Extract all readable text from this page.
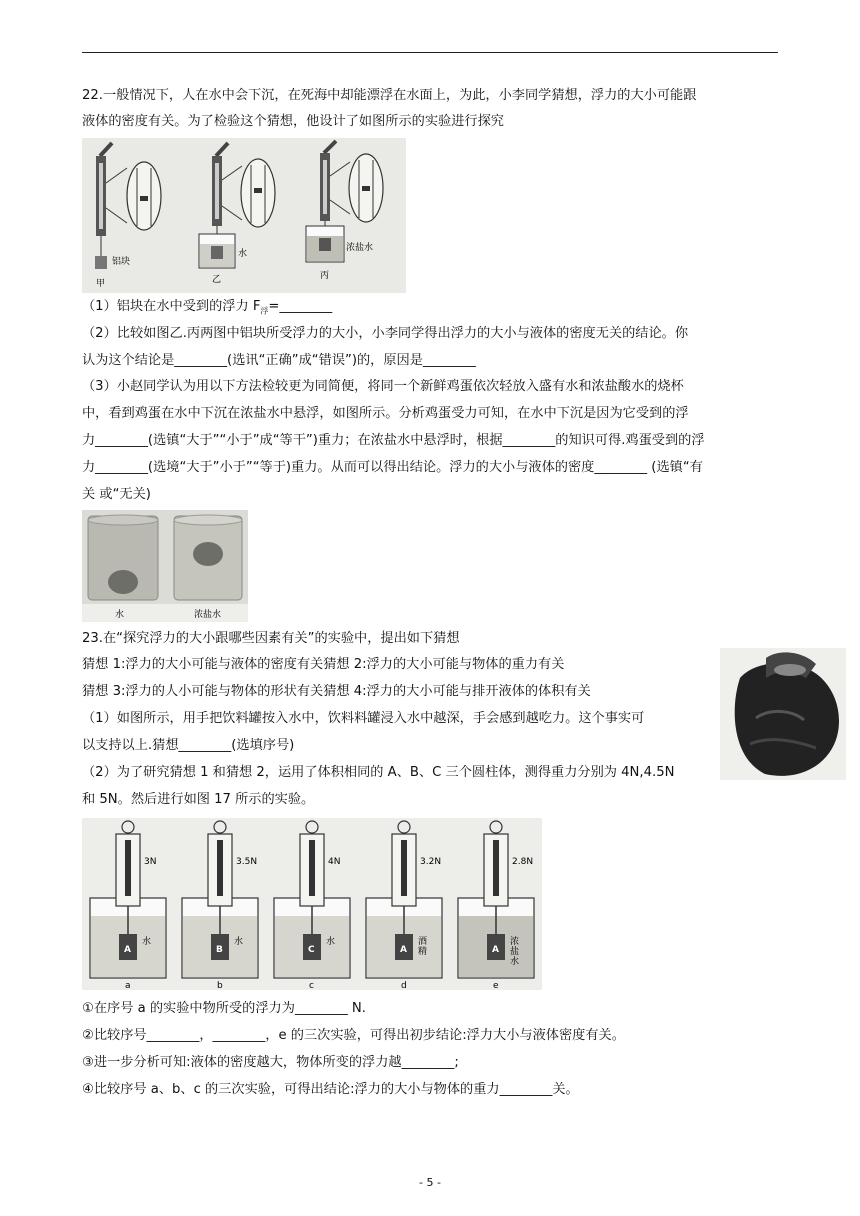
22.一般情况下，人在水中会下沉，在死海中却能漂浮在水面上，为此，小李同学猜想，浮力的大小可能跟
液体的密度有关。为了检验这个猜想，他设计了如图所示的实验进行探究
铝块
水
浓盐水
甲	乙	丙
（1）铝块在水中受到的浮力 $F_浮=\_\_\_\_\_\_\_\_$
（2）比较如图乙.丙两图中铝块所受浮力的大小，小李同学得出浮力的大小与液体的密度无关的结论。你
认为这个结论是________(选讯“正确”成“错误”)的，原因是________
（3）小赵同学认为用以下方法检较更为同简便，将同一个新鲜鸡蛋依次轻放入盛有水和浓盐酸水的烧杯
中，看到鸡蛋在水中下沉在浓盐水中悬浮，如图所示。分析鸡蛋受力可知，在水中下沉是因为它受到的浮
力________(选镇“大于”“小于”成“等干”)重力；在浓盐水中悬浮时，根据________的知识可得.鸡蛋受到的浮
力________(选境“大于”小于”“等于)重力。从而可以得出结论。浮力的大小与液体的密度________ (选镇“有
关 或“无关)
水	浓盐水
23.在“探究浮力的大小跟哪些因素有关”的实验中，提出如下猜想
猜想 1:浮力的大小可能与液体的密度有关猜想 2:浮力的大小可能与物体的重力有关
猜想 3:浮力的人小可能与物体的形状有关猜想 4:浮力的大小可能与排开液体的体积有关
（1）如图所示，用手把饮料罐按入水中，饮料料罐浸入水中越深，手会感到越吃力。这个事实可
以支持以上.猜想________(选填序号)
（2）为了研究猜想 1 和猜想 2，运用了体积相同的 A、B、C 三个圆柱体，测得重力分别为 4N,4.5N
和 5N。然后进行如图 17 所示的实验。
A
3N
水
a
B
3.5N
水
b
C
4N
水
c
A
3.2N
酒
精
d
A
2.8N
浓
盐
水
e
①在序号 a 的实验中物所受的浮力为________ N.
②比较序号________，________，e 的三次实验，可得出初步结论:浮力大小与液体密度有关。
③进一步分析可知:液体的密度越大，物体所变的浮力越________;
④比较序号 a、b、c 的三次实验，可得出结论:浮力的大小与物体的重力________关。
- 5 -
